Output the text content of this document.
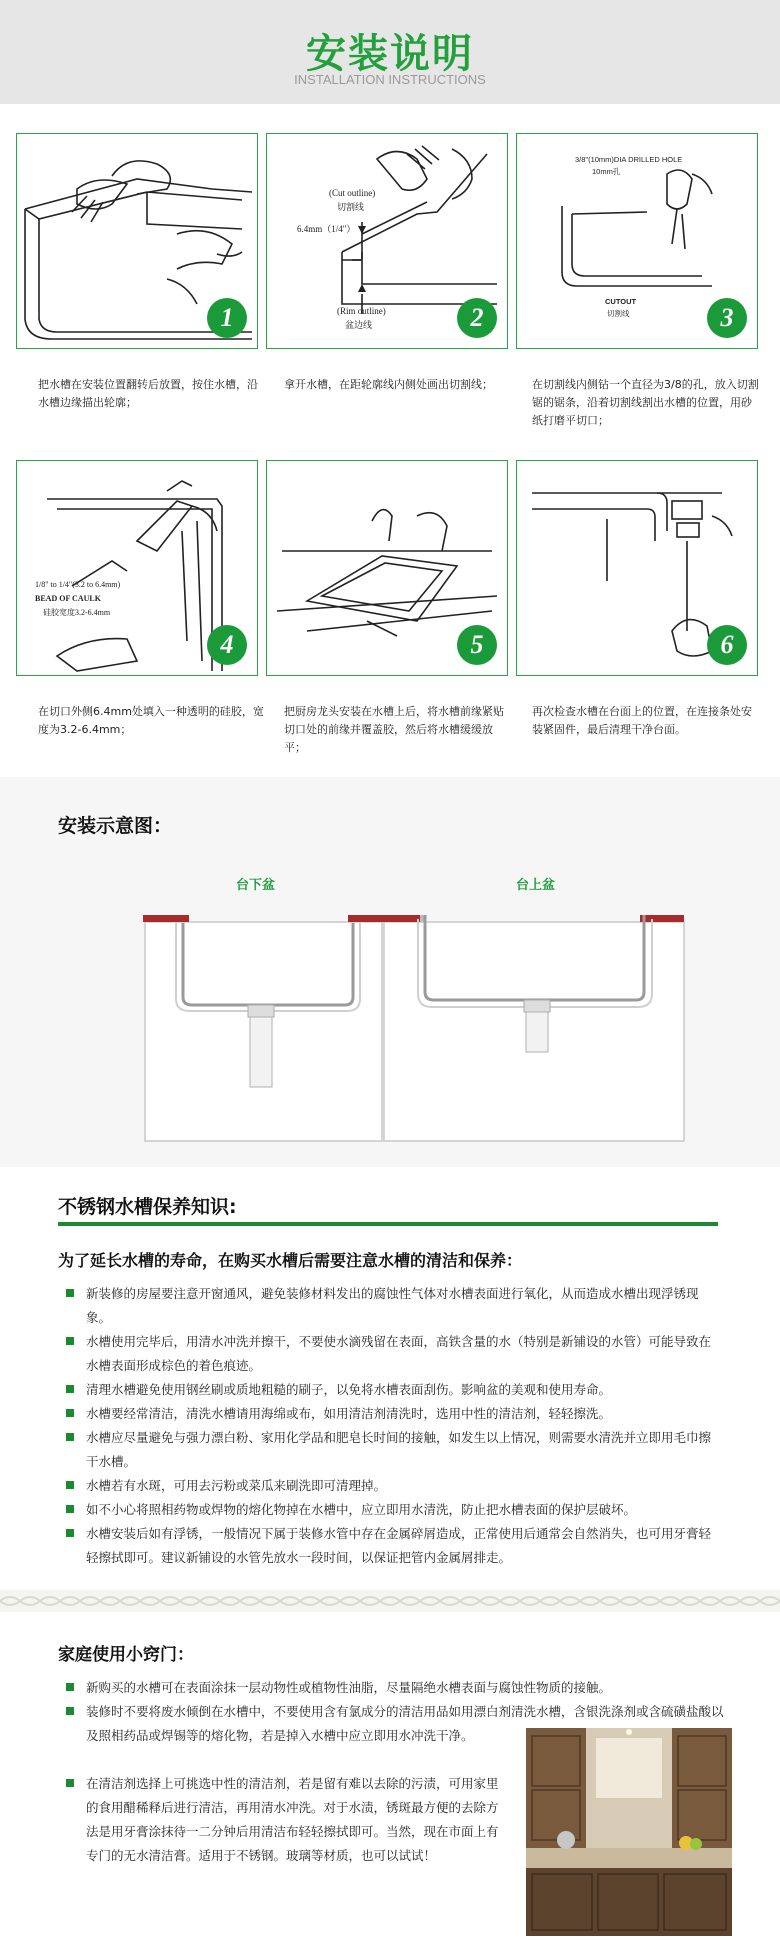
安装说明
INSTALLATION INSTRUCTIONS
1
(Cut outline)
切割线
6.4mm（1/4"）
(Rim outline)
盆边线	2
3/8"(10mm)DIA DRILLED HOLE
10mm孔
CUTOUT
切割线	3
把水槽在安装位置翻转后放置，按住水槽，沿水槽边缘描出轮廓；
拿开水槽，在距轮廓线内侧处画出切割线；	在切割线内侧钻一个直径为3/8的孔，放入切割锯的锯条，沿着切割线割出水槽的位置，用砂纸打磨平切口；
1/8" to 1/4"(3.2 to 6.4mm)
BEAD OF CAULK
硅胶宽度3.2-6.4mm
4	5	6
在切口外侧6.4mm处填入一种透明的硅胶，宽度为3.2-6.4mm；
把厨房龙头安装在水槽上后，将水槽前缘紧贴切口处的前缘并覆盖胶，然后将水槽缓缓放平；
再次检查水槽在台面上的位置，在连接条处安装紧固件，最后清理干净台面。
安装示意图：
台下盆	台上盆
不锈钢水槽保养知识:
为了延长水槽的寿命，在购买水槽后需要注意水槽的清洁和保养：
新装修的房屋要注意开窗通风，避免装修材料发出的腐蚀性气体对水槽表面进行氧化，从而造成水槽出现浮锈现象。
水槽使用完毕后，用清水冲洗并擦干，不要使水滴残留在表面，高铁含量的水（特别是新铺设的水管）可能导致在水槽表面形成棕色的着色痕迹。
清理水槽避免使用钢丝刷或质地粗糙的刷子，以免将水槽表面刮伤。影响盆的美观和使用寿命。
水槽要经常清洁，清洗水槽请用海绵或布，如用清洁剂清洗时，选用中性的清洁剂，轻轻擦洗。
水槽应尽量避免与强力漂白粉、家用化学品和肥皂长时间的接触，如发生以上情况，则需要水清洗并立即用毛巾擦干水槽。
水槽若有水斑，可用去污粉或菜瓜来刷洗即可清理掉。
如不小心将照相药物或焊物的熔化物掉在水槽中，应立即用水清洗，防止把水槽表面的保护层破坏。
水槽安装后如有浮锈，一般情况下属于装修水管中存在金属碎屑造成，正常使用后通常会自然消失，也可用牙膏轻轻擦拭即可。建议新铺设的水管先放水一段时间，以保证把管内金属屑排走。
家庭使用小窍门：
新购买的水槽可在表面涂抹一层动物性或植物性油脂，尽量隔绝水槽表面与腐蚀性物质的接触。
装修时不要将废水倾倒在水槽中，不要使用含有氯成分的清洁用品如用漂白剂清洗水槽，含银洗涤剂或含硫磺盐酸以及照相药品或焊锡等的熔化物，若是掉入水槽中应立即用水冲洗干净。
在清洁剂选择上可挑选中性的清洁剂，若是留有难以去除的污渍，可用家里的食用醋稀释后进行清洁，再用清水冲洗。对于水渍，锈斑最方便的去除方法是用牙膏涂抹待一二分钟后用清洁布轻轻擦拭即可。当然，现在市面上有专门的无水清洁膏。适用于不锈钢。玻璃等材质，也可以试试！
